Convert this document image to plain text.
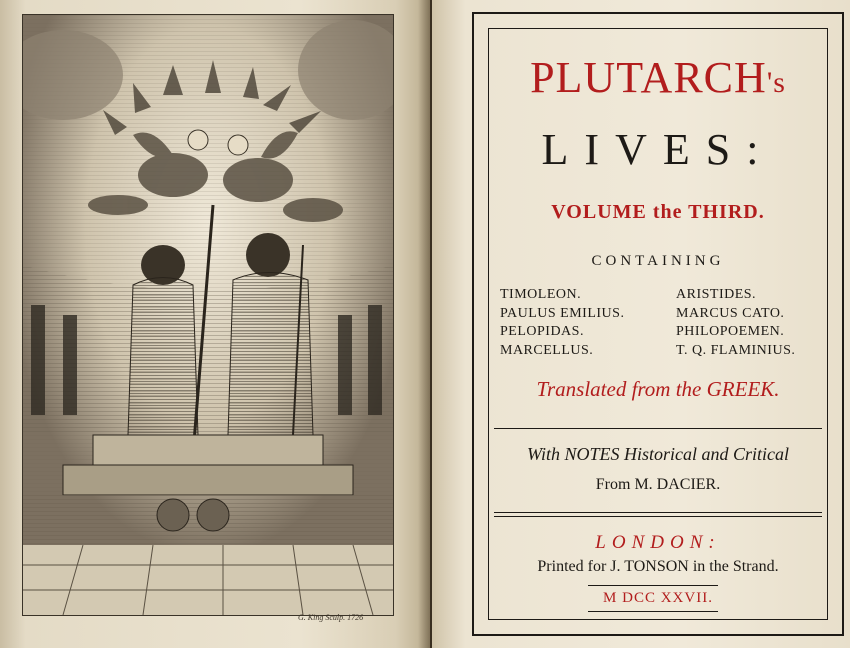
G. King Sculp. 1726
PLUTARCH's
LIVES:
VOLUME the THIRD.
CONTAINING
TIMOLEON.
PAULUS EMILIUS.
PELOPIDAS.
MARCELLUS.
ARISTIDES.
MARCUS CATO.
PHILOPOEMEN.
T. Q. FLAMINIUS.
Translated from the GREEK.
With NOTES Historical and Critical
From M. DACIER.
LONDON:
Printed for J. TONSON in the Strand.
M DCC XXVII.
